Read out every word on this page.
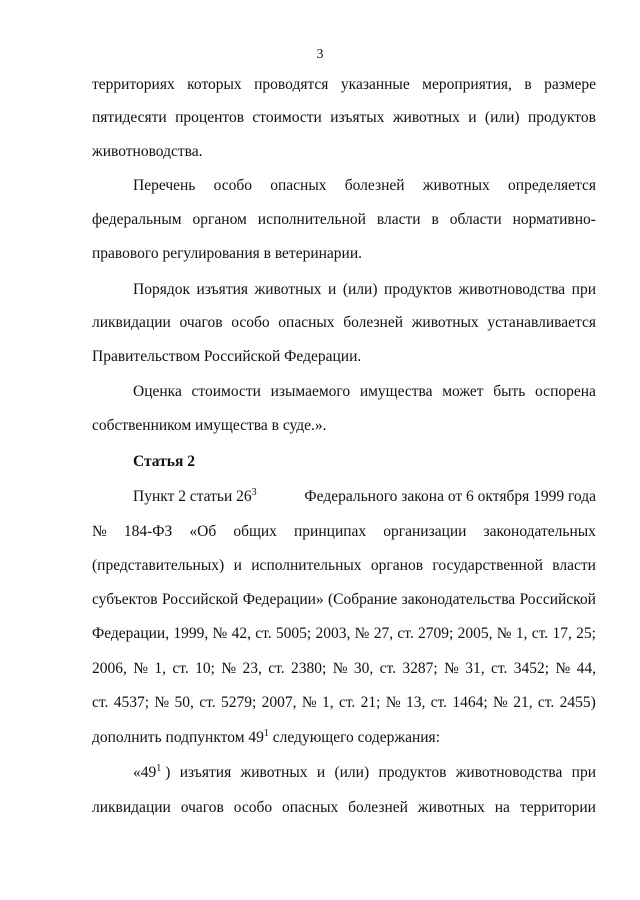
3
территориях которых проводятся указанные мероприятия, в размере
пятидесяти процентов стоимости изъятых животных и (или) продуктов
животноводства.
Перечень особо опасных болезней животных определяется
федеральным органом исполнительной власти в области нормативно-
правового регулирования в ветеринарии.
Порядок изъятия животных и (или) продуктов животноводства при
ликвидации очагов особо опасных болезней животных устанавливается
Правительством Российской Федерации.
Оценка стоимости изымаемого имущества может быть оспорена
собственником имущества в суде.».
Статья 2
Пункт 2 статьи $26^3$	Федерального закона от 6 октября 1999 года
№ 184-ФЗ «Об общих принципах организации законодательных
(представительных) и исполнительных органов государственной власти
субъектов Российской Федерации» (Собрание законодательства Российской
Федерации, 1999, № 42, ст. 5005; 2003, № 27, ст. 2709; 2005, № 1, ст. 17, 25;
2006, № 1, ст. 10; № 23, ст. 2380; № 30, ст. 3287; № 31, ст. 3452; № 44,
ст. 4537; № 50, ст. 5279; 2007, № 1, ст. 21; № 13, ст. 1464; № 21, ст. 2455)
дополнить подпунктом $49^1$ следующего содержания:
«$49^1$ ) изъятия животных и (или) продуктов животноводства при
ликвидации очагов особо опасных болезней животных на территории
